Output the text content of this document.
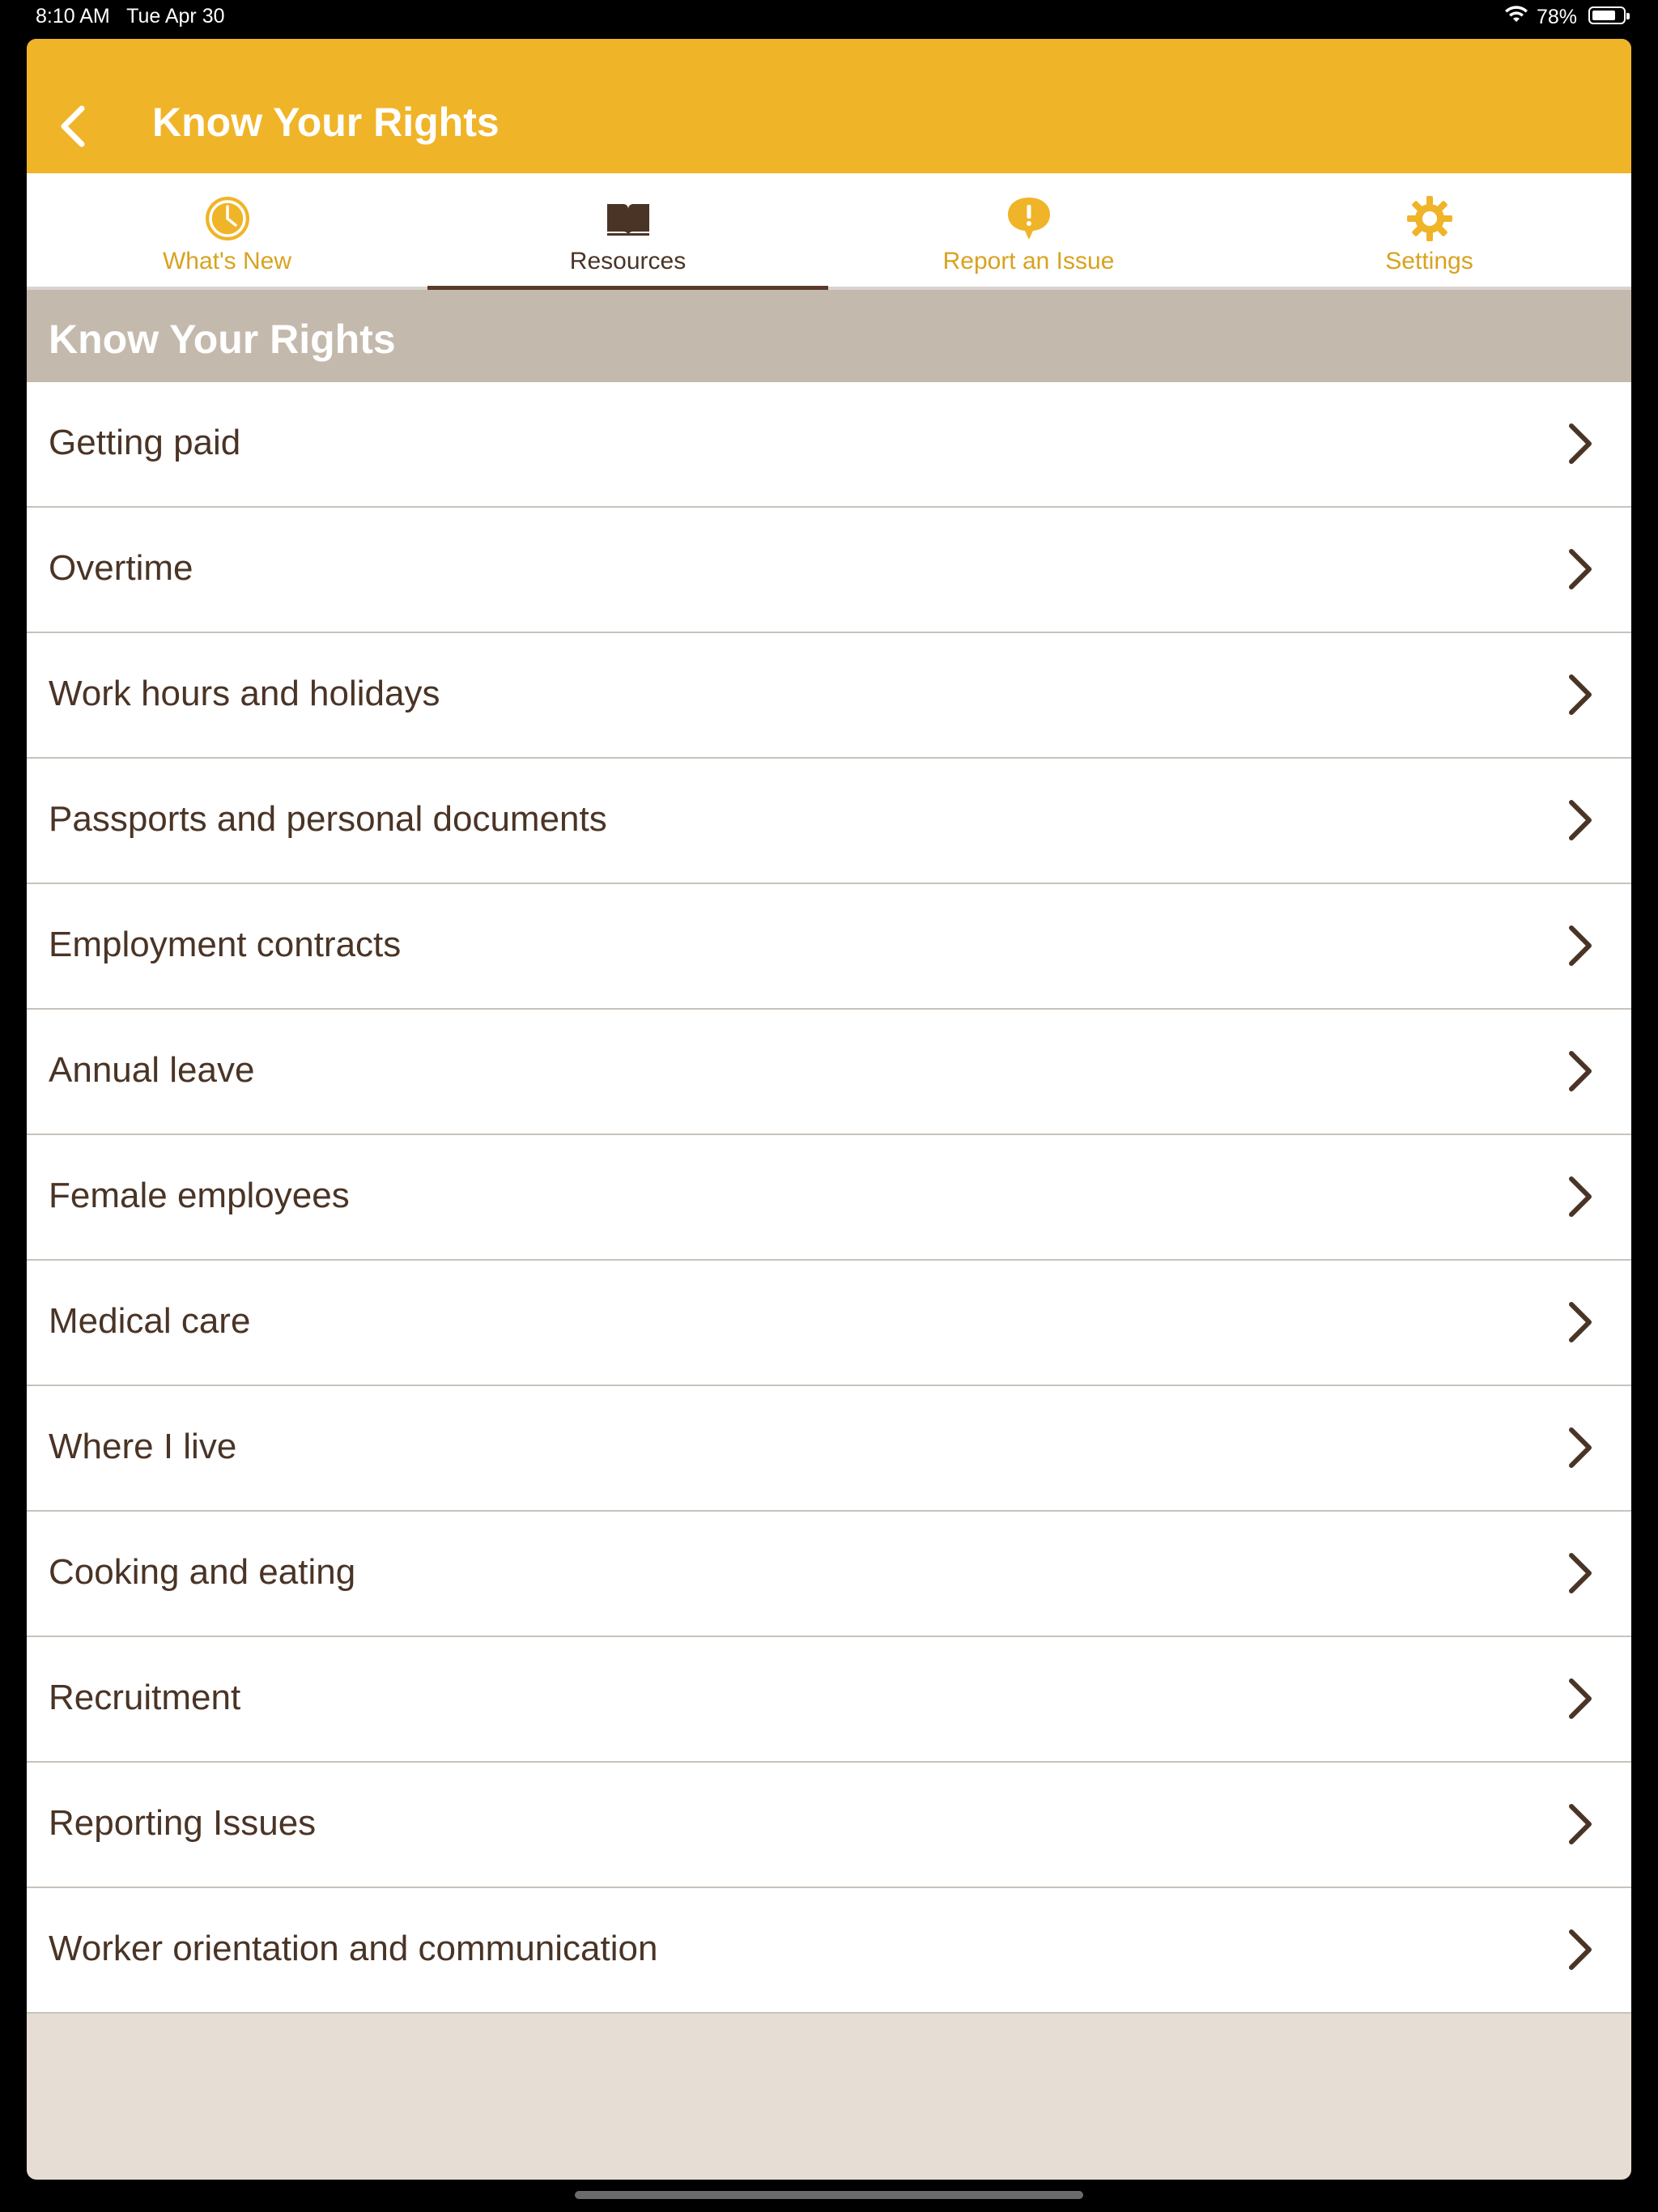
8:10 AM Tue Apr 30	78%
Know Your Rights
What's New	Resources	Report an Issue	Settings
Know Your Rights
Getting paid
Overtime
Work hours and holidays
Passports and personal documents
Employment contracts
Annual leave
Female employees
Medical care
Where I live
Cooking and eating
Recruitment
Reporting Issues
Worker orientation and communication
